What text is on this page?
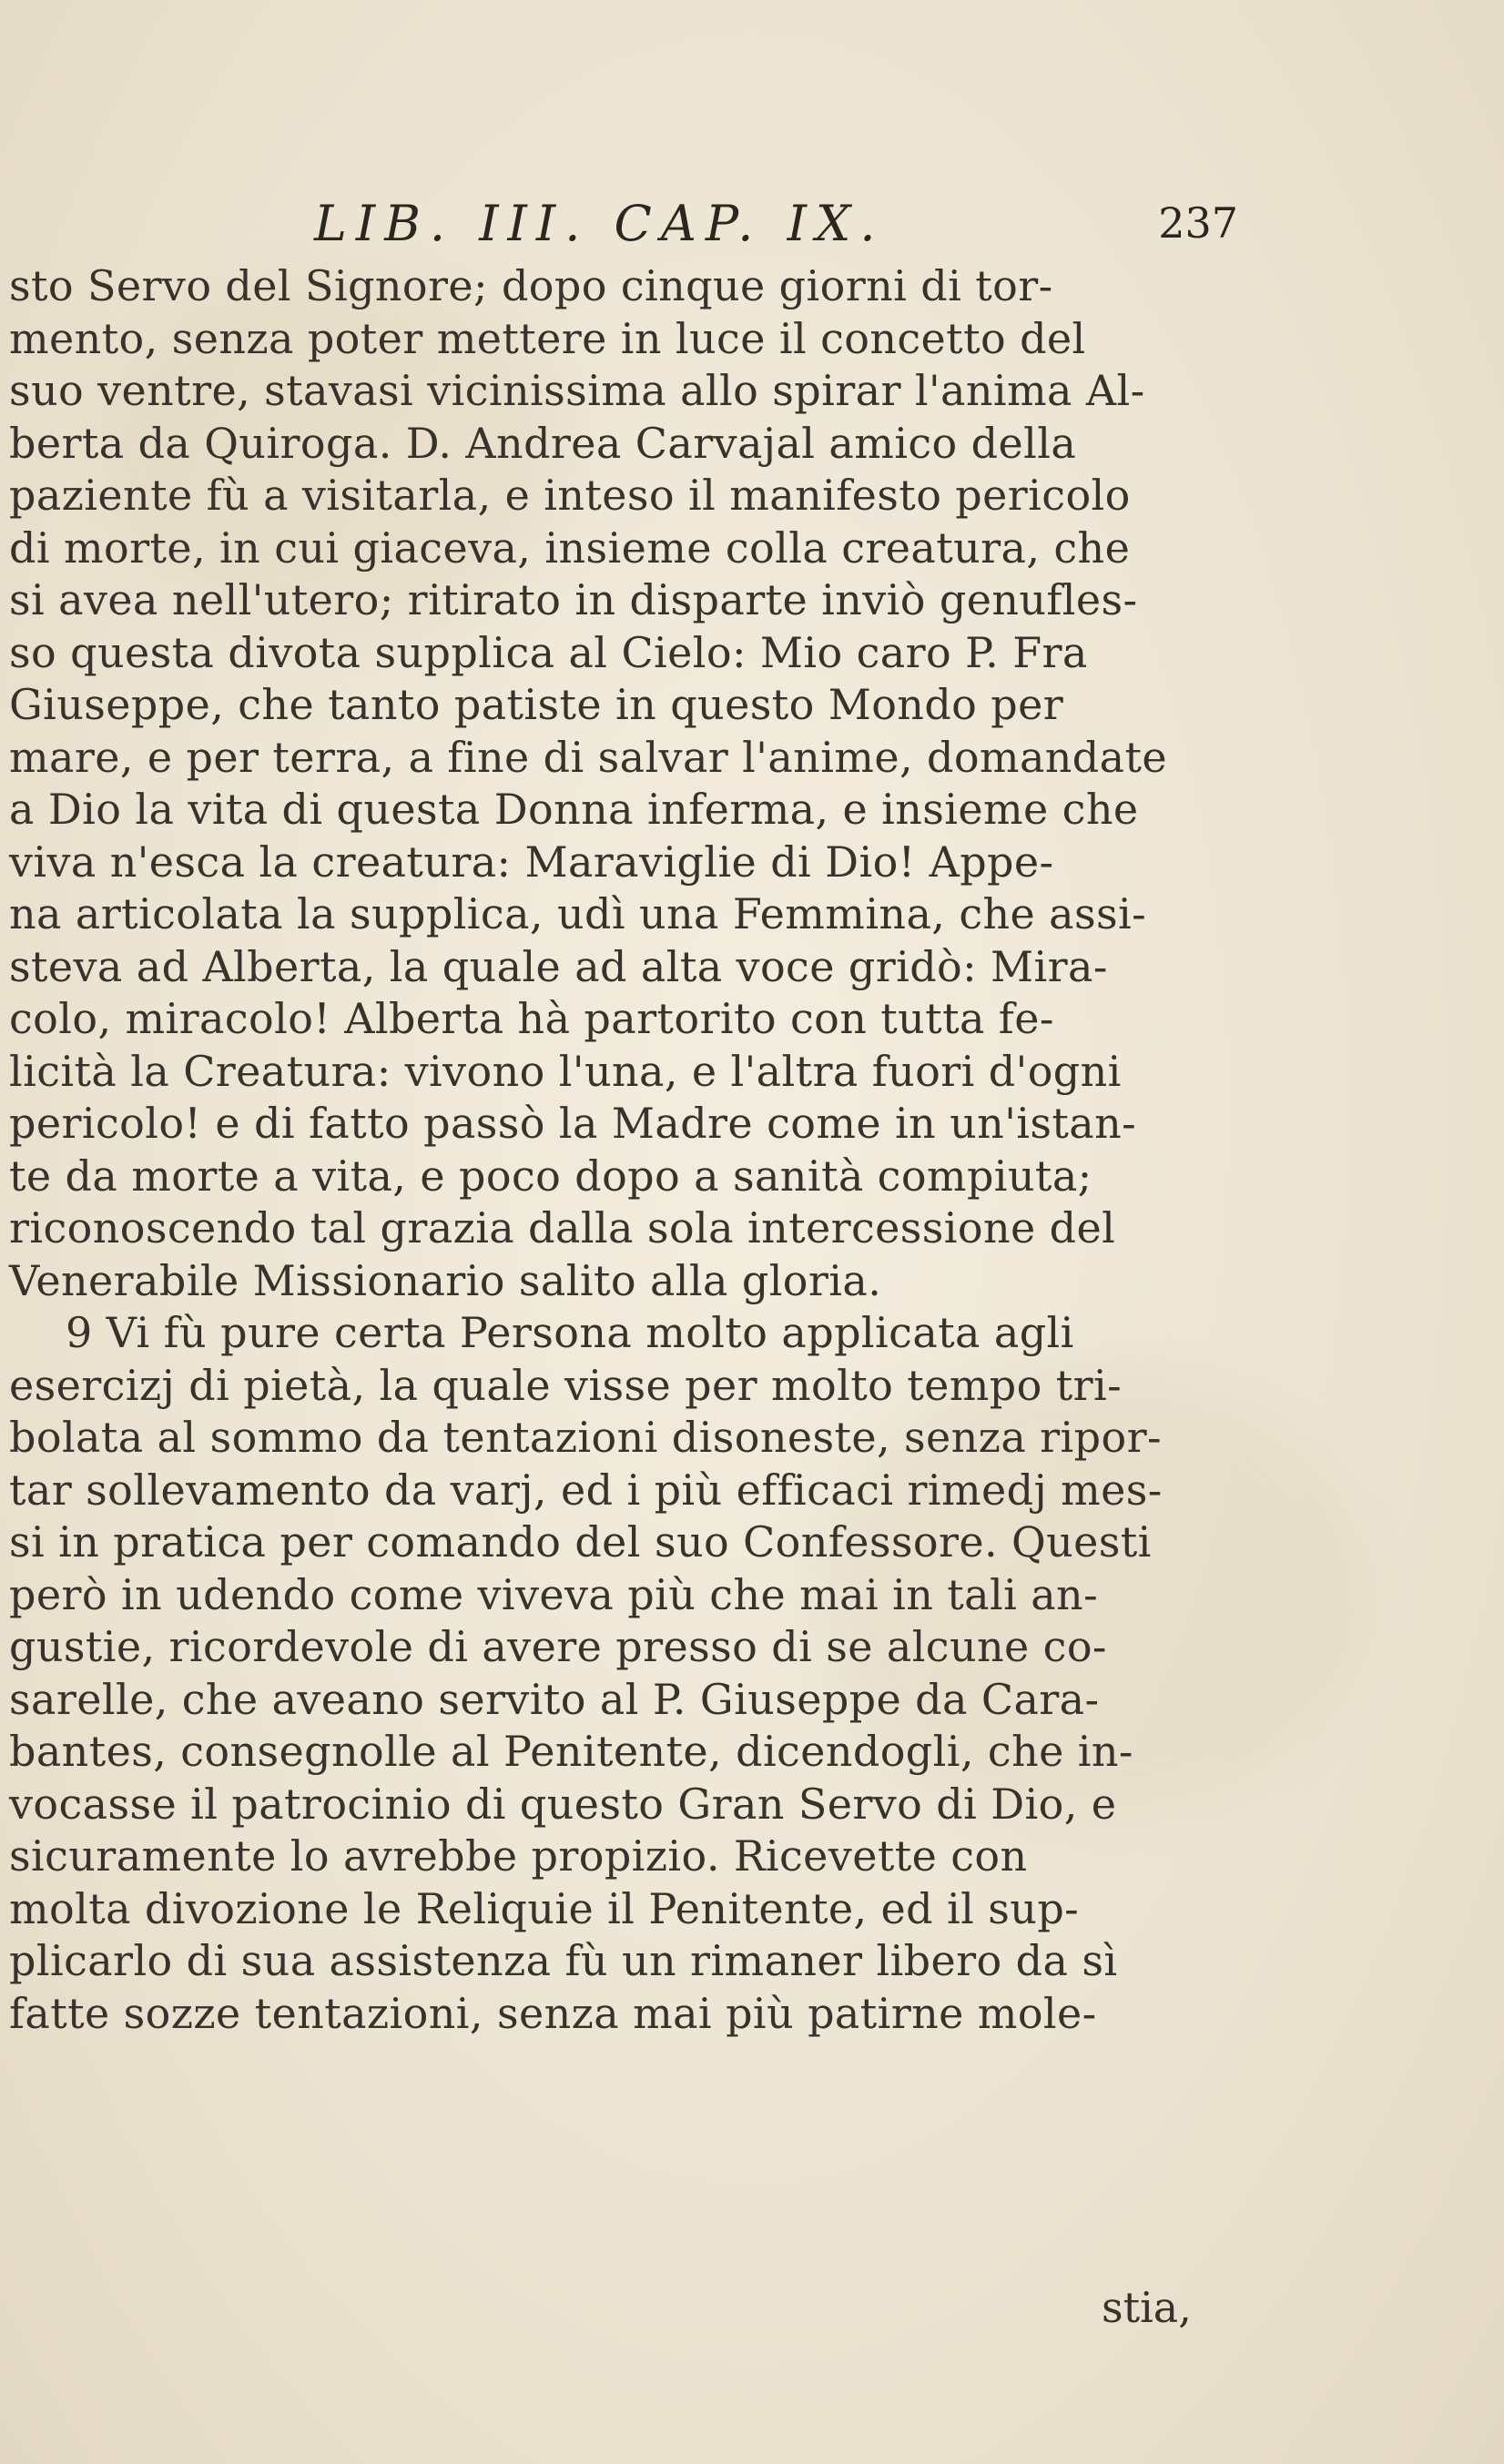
LIB. III. CAP. IX.	237
sto Servo del Signore; dopo cinque giorni di tor-
mento, senza poter mettere in luce il concetto del
suo ventre, stavasi vicinissima allo spirar l'anima Al-
berta da Quiroga. D. Andrea Carvajal amico della
paziente fù a visitarla, e inteso il manifesto pericolo
di morte, in cui giaceva, insieme colla creatura, che
si avea nell'utero; ritirato in disparte inviò genufles-
so questa divota supplica al Cielo: Mio caro P. Fra
Giuseppe, che tanto patiste in questo Mondo per
mare, e per terra, a fine di salvar l'anime, domandate
a Dio la vita di questa Donna inferma, e insieme che
viva n'esca la creatura: Maraviglie di Dio! Appe-
na articolata la supplica, udì una Femmina, che assi-
steva ad Alberta, la quale ad alta voce gridò: Mira-
colo, miracolo! Alberta hà partorito con tutta fe-
licità la Creatura: vivono l'una, e l'altra fuori d'ogni
pericolo! e di fatto passò la Madre come in un'istan-
te da morte a vita, e poco dopo a sanità compiuta;
riconoscendo tal grazia dalla sola intercessione del
Venerabile Missionario salito alla gloria.
9 Vi fù pure certa Persona molto applicata agli
esercizj di pietà, la quale visse per molto tempo tri-
bolata al sommo da tentazioni disoneste, senza ripor-
tar sollevamento da varj, ed i più efficaci rimedj mes-
si in pratica per comando del suo Confessore. Questi
però in udendo come viveva più che mai in tali an-
gustie, ricordevole di avere presso di se alcune co-
sarelle, che aveano servito al P. Giuseppe da Cara-
bantes, consegnolle al Penitente, dicendogli, che in-
vocasse il patrocinio di questo Gran Servo di Dio, e
sicuramente lo avrebbe propizio. Ricevette con
molta divozione le Reliquie il Penitente, ed il sup-
plicarlo di sua assistenza fù un rimaner libero da sì
fatte sozze tentazioni, senza mai più patirne mole-
stia,
